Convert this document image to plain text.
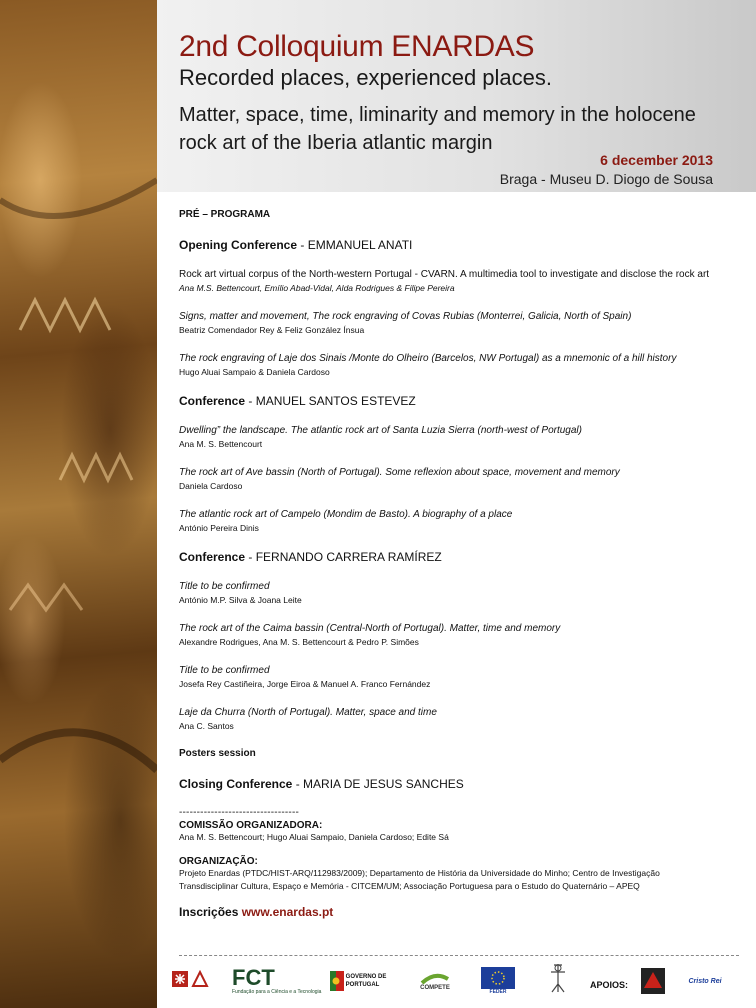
2nd Colloquium ENARDAS
Recorded places, experienced places.
Matter, space, time, liminarity and memory in the holocene rock art of the Iberia atlantic margin
6 december 2013
Braga - Museu D. Diogo de Sousa

PRÉ – PROGRAMA

Opening Conference - EMMANUEL ANATI

Rock art virtual corpus of the North-western Portugal - CVARN. A multimedia tool to investigate and disclose the rock art
Ana M.S. Bettencourt, Emílio Abad-Vidal, Alda Rodrigues & Filipe Pereira
Signs, matter and movement, The rock engraving of Covas Rubias (Monterrei, Galicia, North of Spain)
Beatriz Comendador Rey & Feliz González Ínsua
The rock engraving of Laje dos Sinais /Monte do Olheiro (Barcelos, NW Portugal) as a mnemonic of a hill history
Hugo Aluai Sampaio & Daniela Cardoso

Conference - MANUEL SANTOS ESTEVEZ

Dwelling” the landscape. The atlantic rock art of Santa Luzia Sierra (north-west of Portugal)
Ana M. S. Bettencourt
The rock art of Ave bassin (North of Portugal). Some reflexion about space, movement and memory
Daniela Cardoso
The atlantic rock art of Campelo (Mondim de Basto). A biography of a place
António Pereira Dinis

Conference - FERNANDO CARRERA RAMÍREZ

Title to be confirmed
António M.P. Silva & Joana Leite
The rock art of the Caima bassin (Central-North of Portugal). Matter, time and memory
Alexandre Rodrigues, Ana M. S. Bettencourt & Pedro P. Simões
Title to be confirmed
Josefa Rey Castiñeira, Jorge Eiroa & Manuel A. Franco Fernández
Laje da Churra (North of Portugal). Matter, space and time
Ana C. Santos

Posters session

Closing Conference - MARIA DE JESUS SANCHES

----------------------------------

COMISSÃO ORGANIZADORA:

Ana M. S. Bettencourt; Hugo Aluai Sampaio, Daniela Cardoso; Edite Sá

ORGANIZAÇÃO:

Projeto Enardas (PTDC/HIST-ARQ/112983/2009); Departamento de História da Universidade do Minho; Centro de Investigação
Transdisciplinar Cultura, Espaço e Memória - CITCEM/UM; Associação Portuguesa para o Estudo do Quaternário – APEQ

Inscrições www.enardas.pt

FCT
Fundação para a Ciência e a Tecnologia
GOVERNO DE
PORTUGAL	COMPETE
FEDER
APOIOS:	Cristo Rei
